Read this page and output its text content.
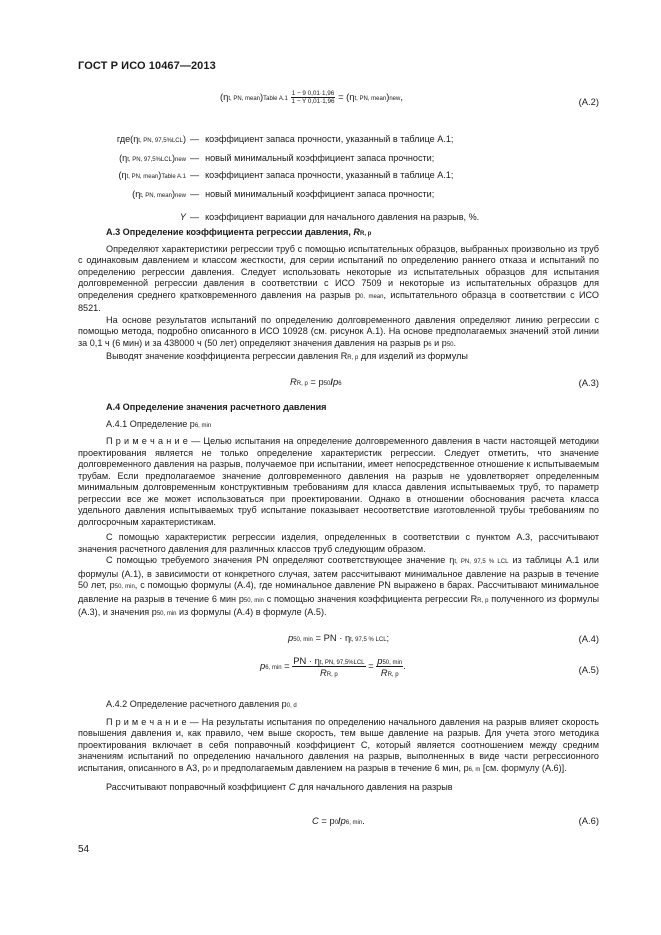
ГОСТ Р ИСО 10467—2013
(ηt, PN, mean)Table $A.1 \frac{1 - 9 0,01\cdot 1,96}{1 - Y 0,01\cdot 1,96} = (\eta t$, PN, mean)new,	(A.2)
где(ηt, PN, 97,5%LCL) — коэффициент запаса прочности, указанный в таблице А.1;
(ηt, PN, 97,5%LCL)new — новый минимальный коэффициент запаса прочности;
(ηt, PN, mean)Table A.1 — коэффициент запаса прочности, указанный в таблице А.1;
(ηt, PN, mean)new — новый минимальный коэффициент запаса прочности;
Y — коэффициент вариации для начального давления на разрыв, %.
А.3 Определение коэффициента регрессии давления, RR, p

Определяют характеристики регрессии труб с помощью испытательных образцов, выбранных произвольно из труб с одинаковым давлением и классом жесткости, для серии испытаний по определению раннего отказа и испытаний по определению регрессии давления. Следует использовать некоторые из испытательных образцов для испытания долговременной регрессии давления в соответствии с ИСО 7509 и некоторые из испытательных образцов для определения среднего кратковременного давления на разрыв p0, mean, испытательного образца в соответствии с ИСО 8521.

На основе результатов испытаний по определению долговременного давления определяют линию регрессии с помощью метода, подробно описанного в ИСО 10928 (см. рисунок А.1). На основе предполагаемых значений этой линии за 0,1 ч (6 мин) и за 438000 ч (50 лет) определяют значения давления на разрыв p6 и p50.

Выводят значение коэффициента регрессии давления RR, p для изделий из формулы

RR, p = p50/p6	(A.3)
А.4 Определение значения расчетного давления

А.4.1 Определение p6, min

П р и м е ч а н и е — Целью испытания на определение долговременного давления в части настоящей методики проектирования является не только определение характеристик регрессии. Следует отметить, что значение долговременного давления на разрыв, получаемое при испытании, имеет непосредственное отношение к испытываемым трубам. Если предполагаемое значение долговременного давления на разрыв не удовлетворяет определенным минимальным долговременным конструктивным требованиям для класса давления испытываемых труб, то параметр регрессии все же может использоваться при проектировании. Однако в отношении обоснования расчета класса удельного давления испытываемых труб испытание показывает несоответствие изготовленной трубы требованиям по долгосрочным характеристикам.

С помощью характеристик регрессии изделия, определенных в соответствии с пунктом А.3, рассчитывают значения расчетного давления для различных классов труб следующим образом.

С помощью требуемого значения PN определяют соответствующее значение ηt, PN, 97,5 % LCL из таблицы А.1 или формулы (А.1), в зависимости от конкретного случая, затем рассчитывают минимальное давление на разрыв в течение 50 лет, p50, min, с помощью формулы (А.4), где номинальное давление PN выражено в барах. Рассчитывают минимальное давление на разрыв в течение 6 мин p50, min с помощью значения коэффициента регрессии RR, p полученного из формулы (А.3), и значения p50, min из формулы (А.4) в формуле (А.5).

p50, min = PN · ηt, 97,5 % LCL;	(A.4)
p6, $\min = \frac{\text{PN · ηt, PN, 97,5\%LCL}}{RR, p} = \frac{p50, \min}{RR, p}$ .	(A.5)

А.4.2 Определение расчетного давления p0, d

П р и м е ч а н и е — На результаты испытания по определению начального давления на разрыв влияет скорость повышения давления и, как правило, чем выше скорость, тем выше давление на разрыв. Для учета этого методика проектирования включает в себя поправочный коэффициент С, который является соотношением между средним значениям испытаний по определению начального давления на разрыв, выполненных в виде части регрессионного испытания, описанного в А3, p0 и предполагаемым давлением на разрыв в течение 6 мин, p6, m [см. формулу (А.6)].

Рассчитывают поправочный коэффициент C для начального давления на разрыв

C = p0/p6, min.	(A.6)
54
